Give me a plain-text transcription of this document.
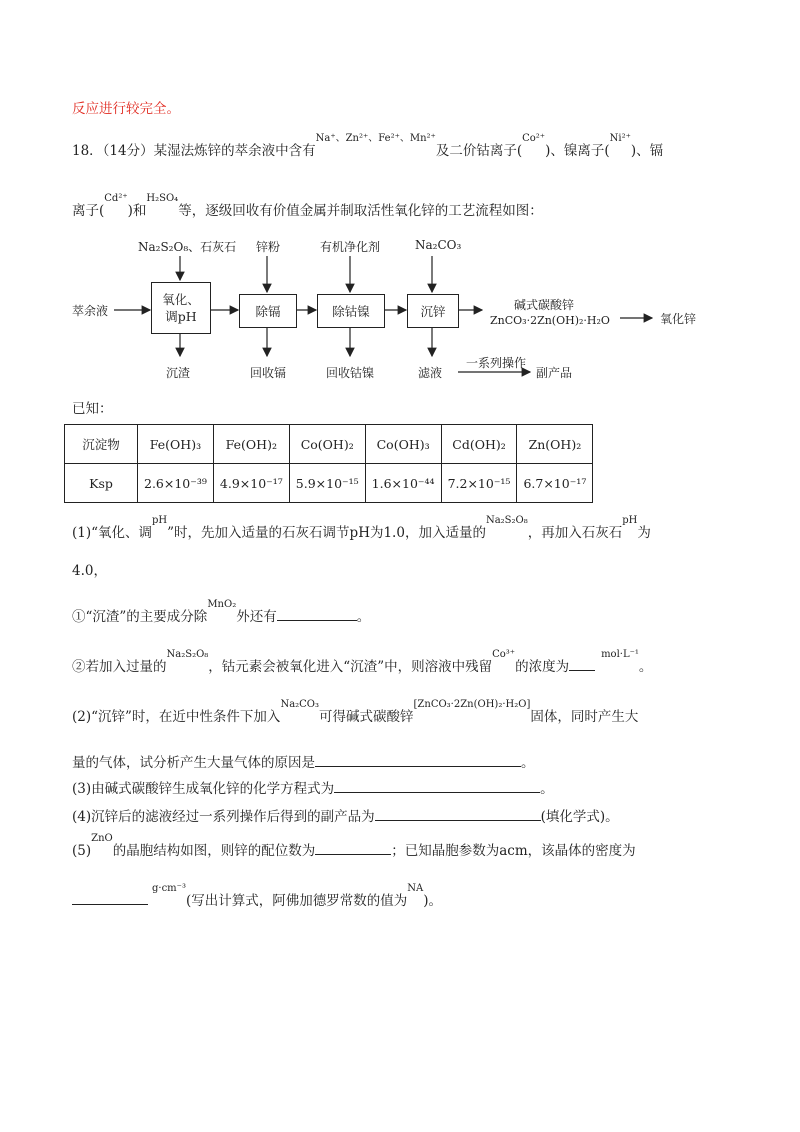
反应进行较完全。
18．（14分）某湿法炼锌的萃余液中含有$^{Na^+、Zn^{2+}、Fe^{2+}、Mn^{2+}}$及二价钴离子($^{Co^{2+}}$)、镍离子($^{Ni^{2+}}$)、镉
离子($^{Cd^{2+}}$)和$^{H_2SO_4}$等，逐级回收有价值金属并制取活性氧化锌的工艺流程如图：
萃余液
氧化、调pH	除镉	除钴镍	沉锌
Na₂S₂O₈、石灰石 锌粉	有机净化剂	Na₂CO₃
沉渣	回收镉	回收钴镍	滤液
碱式碳酸锌
ZnCO₃·2Zn(OH)₂·H₂O	氧化锌
一系列操作
副产品
已知：
沉淀物	Fe(OH)₃	Fe(OH)₂	Co(OH)₂	Co(OH)₃	Cd(OH)₂	Zn(OH)₂
Ksp	2.6×10⁻³⁹	4.9×10⁻¹⁷	5.9×10⁻¹⁵	1.6×10⁻⁴⁴	7.2×10⁻¹⁵	6.7×10⁻¹⁷
(1)“氧化、调$^{pH}$”时，先加入适量的石灰石调节pH为1.0，加入适量的$^{Na_2S_2O_8}$，再加入石灰石$^{pH}$为
4.0，
①“沉渣”的主要成分除$^{MnO_2}$外还有	。
②若加入过量的$^{Na_2S_2O_8}$，钴元素会被氧化进入“沉渣”中，则溶液中残留$^{Co^{3+}}$的浓度为$^{mol\cdot L^{-1}}$。
(2)“沉锌”时，在近中性条件下加入$^{Na_2CO_3}$可得碱式碳酸锌[ZnCO₃·2Zn(OH)₂·H₂O]固体，同时产生大
量的气体，试分析产生大量气体的原因是	。
(3)由碱式碳酸锌生成氧化锌的化学方程式为	。
(4)沉锌后的滤液经过一系列操作后得到的副产品为	(填化学式)。
$(5)^{ZnO}$的晶胞结构如图，则锌的配位数为	；已知晶胞参数为acm，该晶体的密度为
$^{g\cdot cm^{-3}}$(写出计算式，阿佛加德罗常数的值为$^{NA}$)。
